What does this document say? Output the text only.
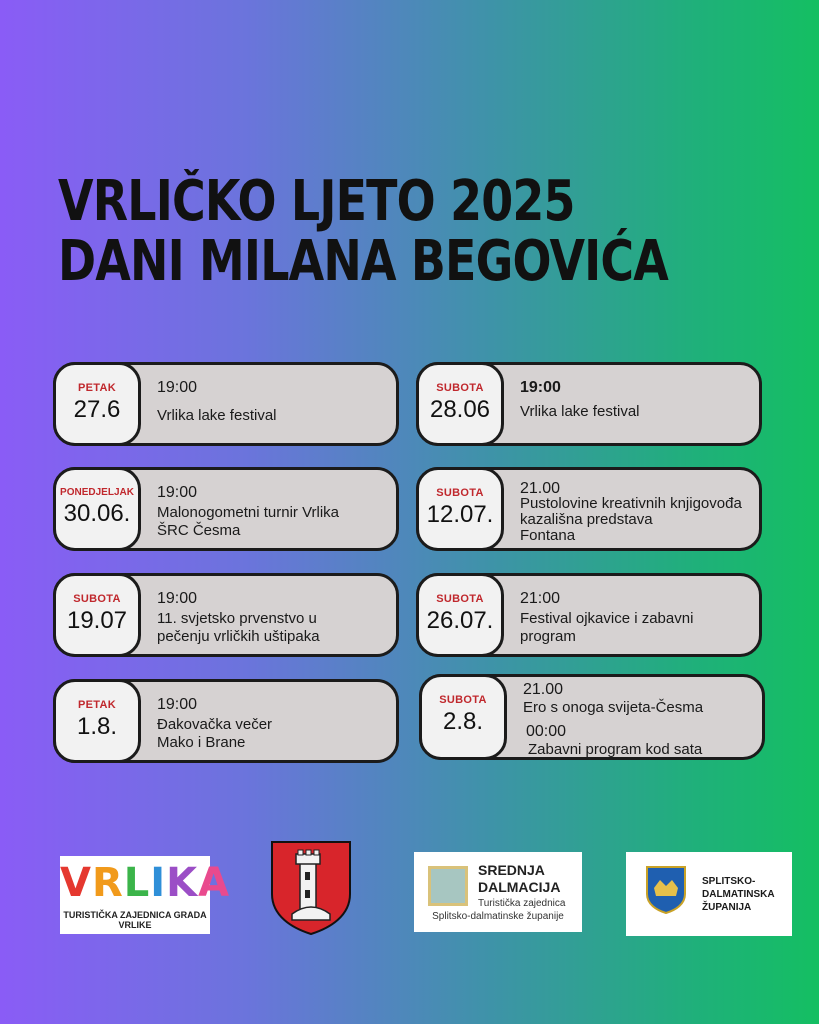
VRLIČKO LJETO 2025
DANI MILANA BEGOVIĆA
PETAK
27.6
19:00
Vrlika lake festival
SUBOTA
28.06
19:00
Vrlika lake festival
PONEDJELJAK
30.06.
19:00
Malonogometni turnir Vrlika
ŠRC Česma
SUBOTA
12.07.
21.00
Pustolovine kreativnih knjigovođa
kazališna predstava
Fontana
SUBOTA
19.07
19:00
11. svjetsko prvenstvo u
pečenju vrličkih uštipaka
SUBOTA
26.07.
21:00
Festival ojkavice i zabavni
program
PETAK
1.8.
19:00
Đakovačka večer
Mako i Brane
SUBOTA
2.8.
21.00
Ero s onoga svijeta-Česma
00:00
Zabavni program kod sata
VRLIKA
TURISTIČKA ZAJEDNICA GRADA VRLIKE
SREDNJA
DALMACIJA
Turistička zajednica
Splitsko-dalmatinske županije
SPLITSKO-
DALMATINSKA
ŽUPANIJA
